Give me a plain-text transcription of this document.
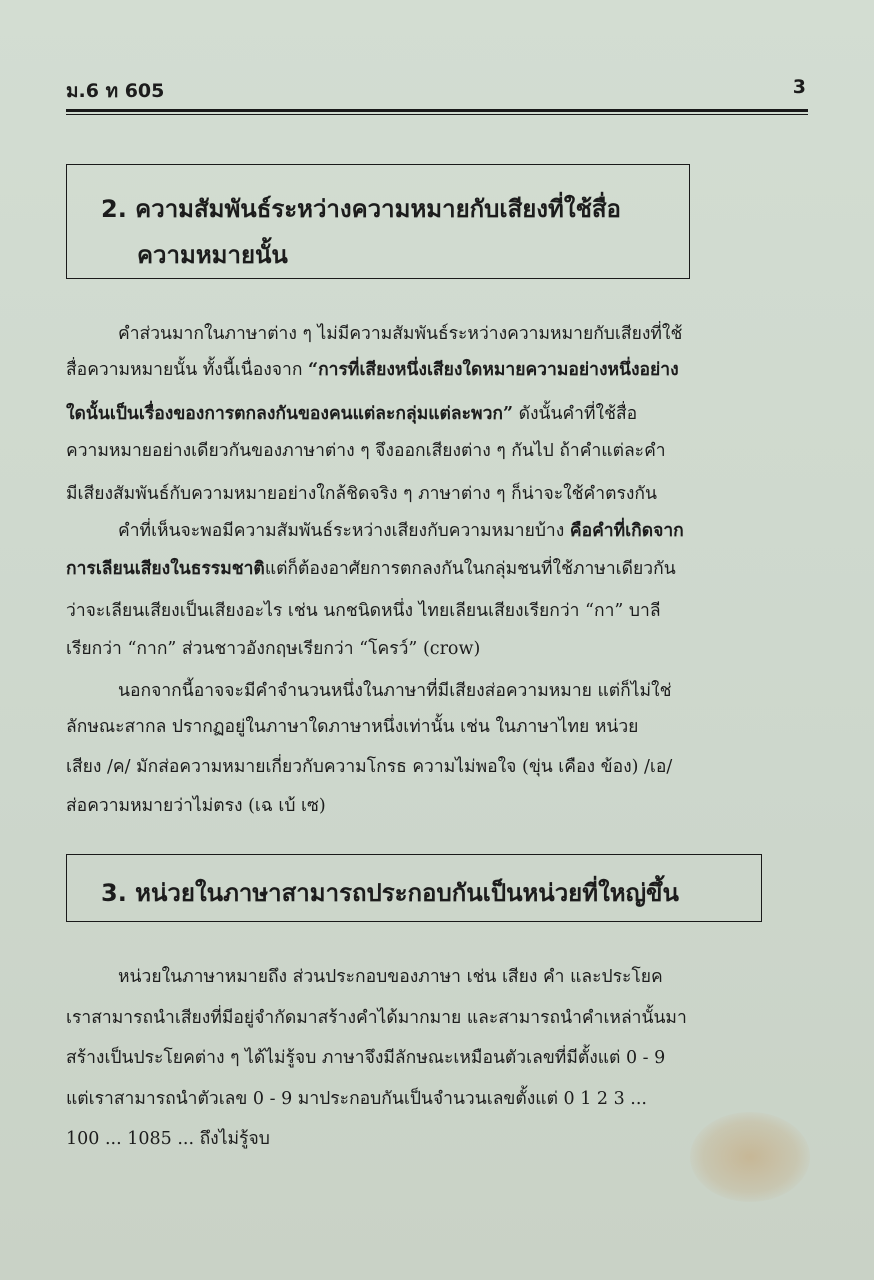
ม.6 ท 605	3
2. ความสัมพันธ์ระหว่างความหมายกับเสียงที่ใช้สื่อ
ความหมายนั้น
คำส่วนมากในภาษาต่าง ๆ ไม่มีความสัมพันธ์ระหว่างความหมายกับเสียงที่ใช้
สื่อความหมายนั้น ทั้งนี้เนื่องจาก “การที่เสียงหนึ่งเสียงใดหมายความอย่างหนึ่งอย่าง
ใดนั้นเป็นเรื่องของการตกลงกันของคนแต่ละกลุ่มแต่ละพวก” ดังนั้นคำที่ใช้สื่อ
ความหมายอย่างเดียวกันของภาษาต่าง ๆ จึงออกเสียงต่าง ๆ กันไป ถ้าคำแต่ละคำ
มีเสียงสัมพันธ์กับความหมายอย่างใกล้ชิดจริง ๆ ภาษาต่าง ๆ ก็น่าจะใช้คำตรงกัน
คำที่เห็นจะพอมีความสัมพันธ์ระหว่างเสียงกับความหมายบ้าง คือคำที่เกิดจาก
การเลียนเสียงในธรรมชาติแต่ก็ต้องอาศัยการตกลงกันในกลุ่มชนที่ใช้ภาษาเดียวกัน
ว่าจะเลียนเสียงเป็นเสียงอะไร เช่น นกชนิดหนึ่ง ไทยเลียนเสียงเรียกว่า “กา” บาลี
เรียกว่า “กาก” ส่วนชาวอังกฤษเรียกว่า “โครว์” (crow)
นอกจากนี้อาจจะมีคำจำนวนหนึ่งในภาษาที่มีเสียงส่อความหมาย แต่ก็ไม่ใช่
ลักษณะสากล ปรากฏอยู่ในภาษาใดภาษาหนึ่งเท่านั้น เช่น ในภาษาไทย หน่วย
เสียง /ค/ มักส่อความหมายเกี่ยวกับความโกรธ ความไม่พอใจ (ขุ่น เคือง ข้อง) /เอ/
ส่อความหมายว่าไม่ตรง (เฉ เบ้ เซ)
3. หน่วยในภาษาสามารถประกอบกันเป็นหน่วยที่ใหญ่ขึ้น
หน่วยในภาษาหมายถึง ส่วนประกอบของภาษา เช่น เสียง คำ และประโยค
เราสามารถนำเสียงที่มีอยู่จำกัดมาสร้างคำได้มากมาย และสามารถนำคำเหล่านั้นมา
สร้างเป็นประโยคต่าง ๆ ได้ไม่รู้จบ ภาษาจึงมีลักษณะเหมือนตัวเลขที่มีตั้งแต่ 0 - 9
แต่เราสามารถนำตัวเลข 0 - 9 มาประกอบกันเป็นจำนวนเลขตั้งแต่ 0 1 2 3 ...
100 ... 1085 ... ถึงไม่รู้จบ
